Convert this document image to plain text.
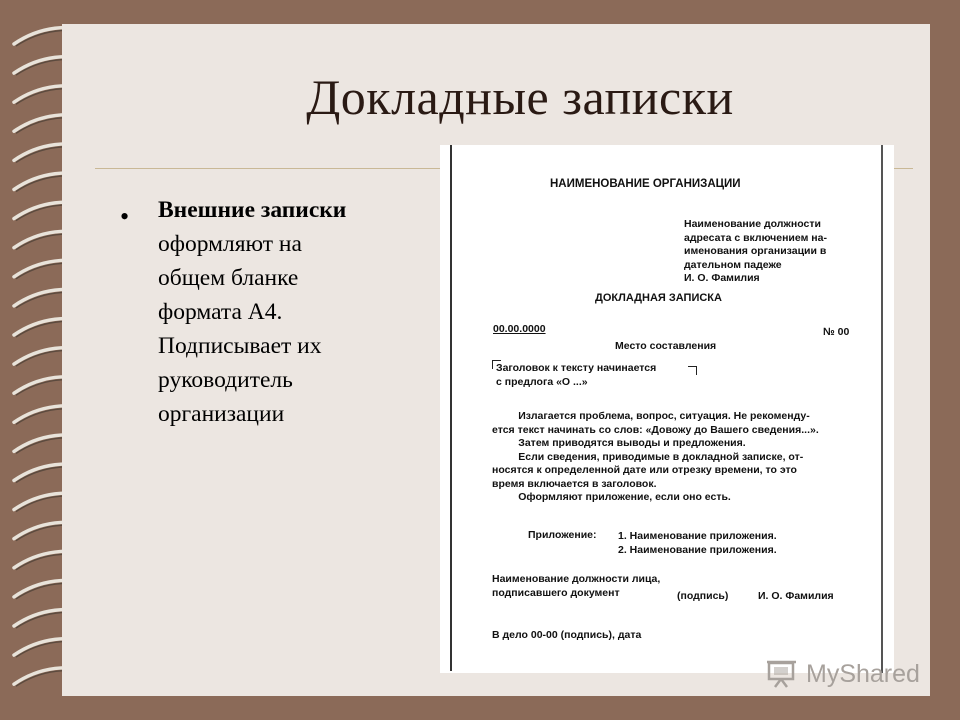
Докладные записки
• Внешние записки оформляют на общем бланке формата А4. Подписывает их руководитель организации
НАИМЕНОВАНИЕ ОРГАНИЗАЦИИ
Наименование должности
адресата с включением на-
именования организации в
дательном падеже
И. О. Фамилия
ДОКЛАДНАЯ ЗАПИСКА
00.00.0000	№ 00
Место составления
Заголовок к тексту начинается
с предлога «О ...»
Излагается проблема, вопрос, ситуация. Не рекоменду-
ется текст начинать со слов: «Довожу до Вашего сведения...».
Затем приводятся выводы и предложения.
Если сведения, приводимые в докладной записке, от-
носятся к определенной дате или отрезку времени, то это
время включается в заголовок.
Оформляют приложение, если оно есть.
Приложение: 1. Наименование приложения.
2. Наименование приложения.
Наименование должности лица,
подписавшего документ	(подпись)	И. О. Фамилия
В дело 00-00 (подпись), дата
MyShared
